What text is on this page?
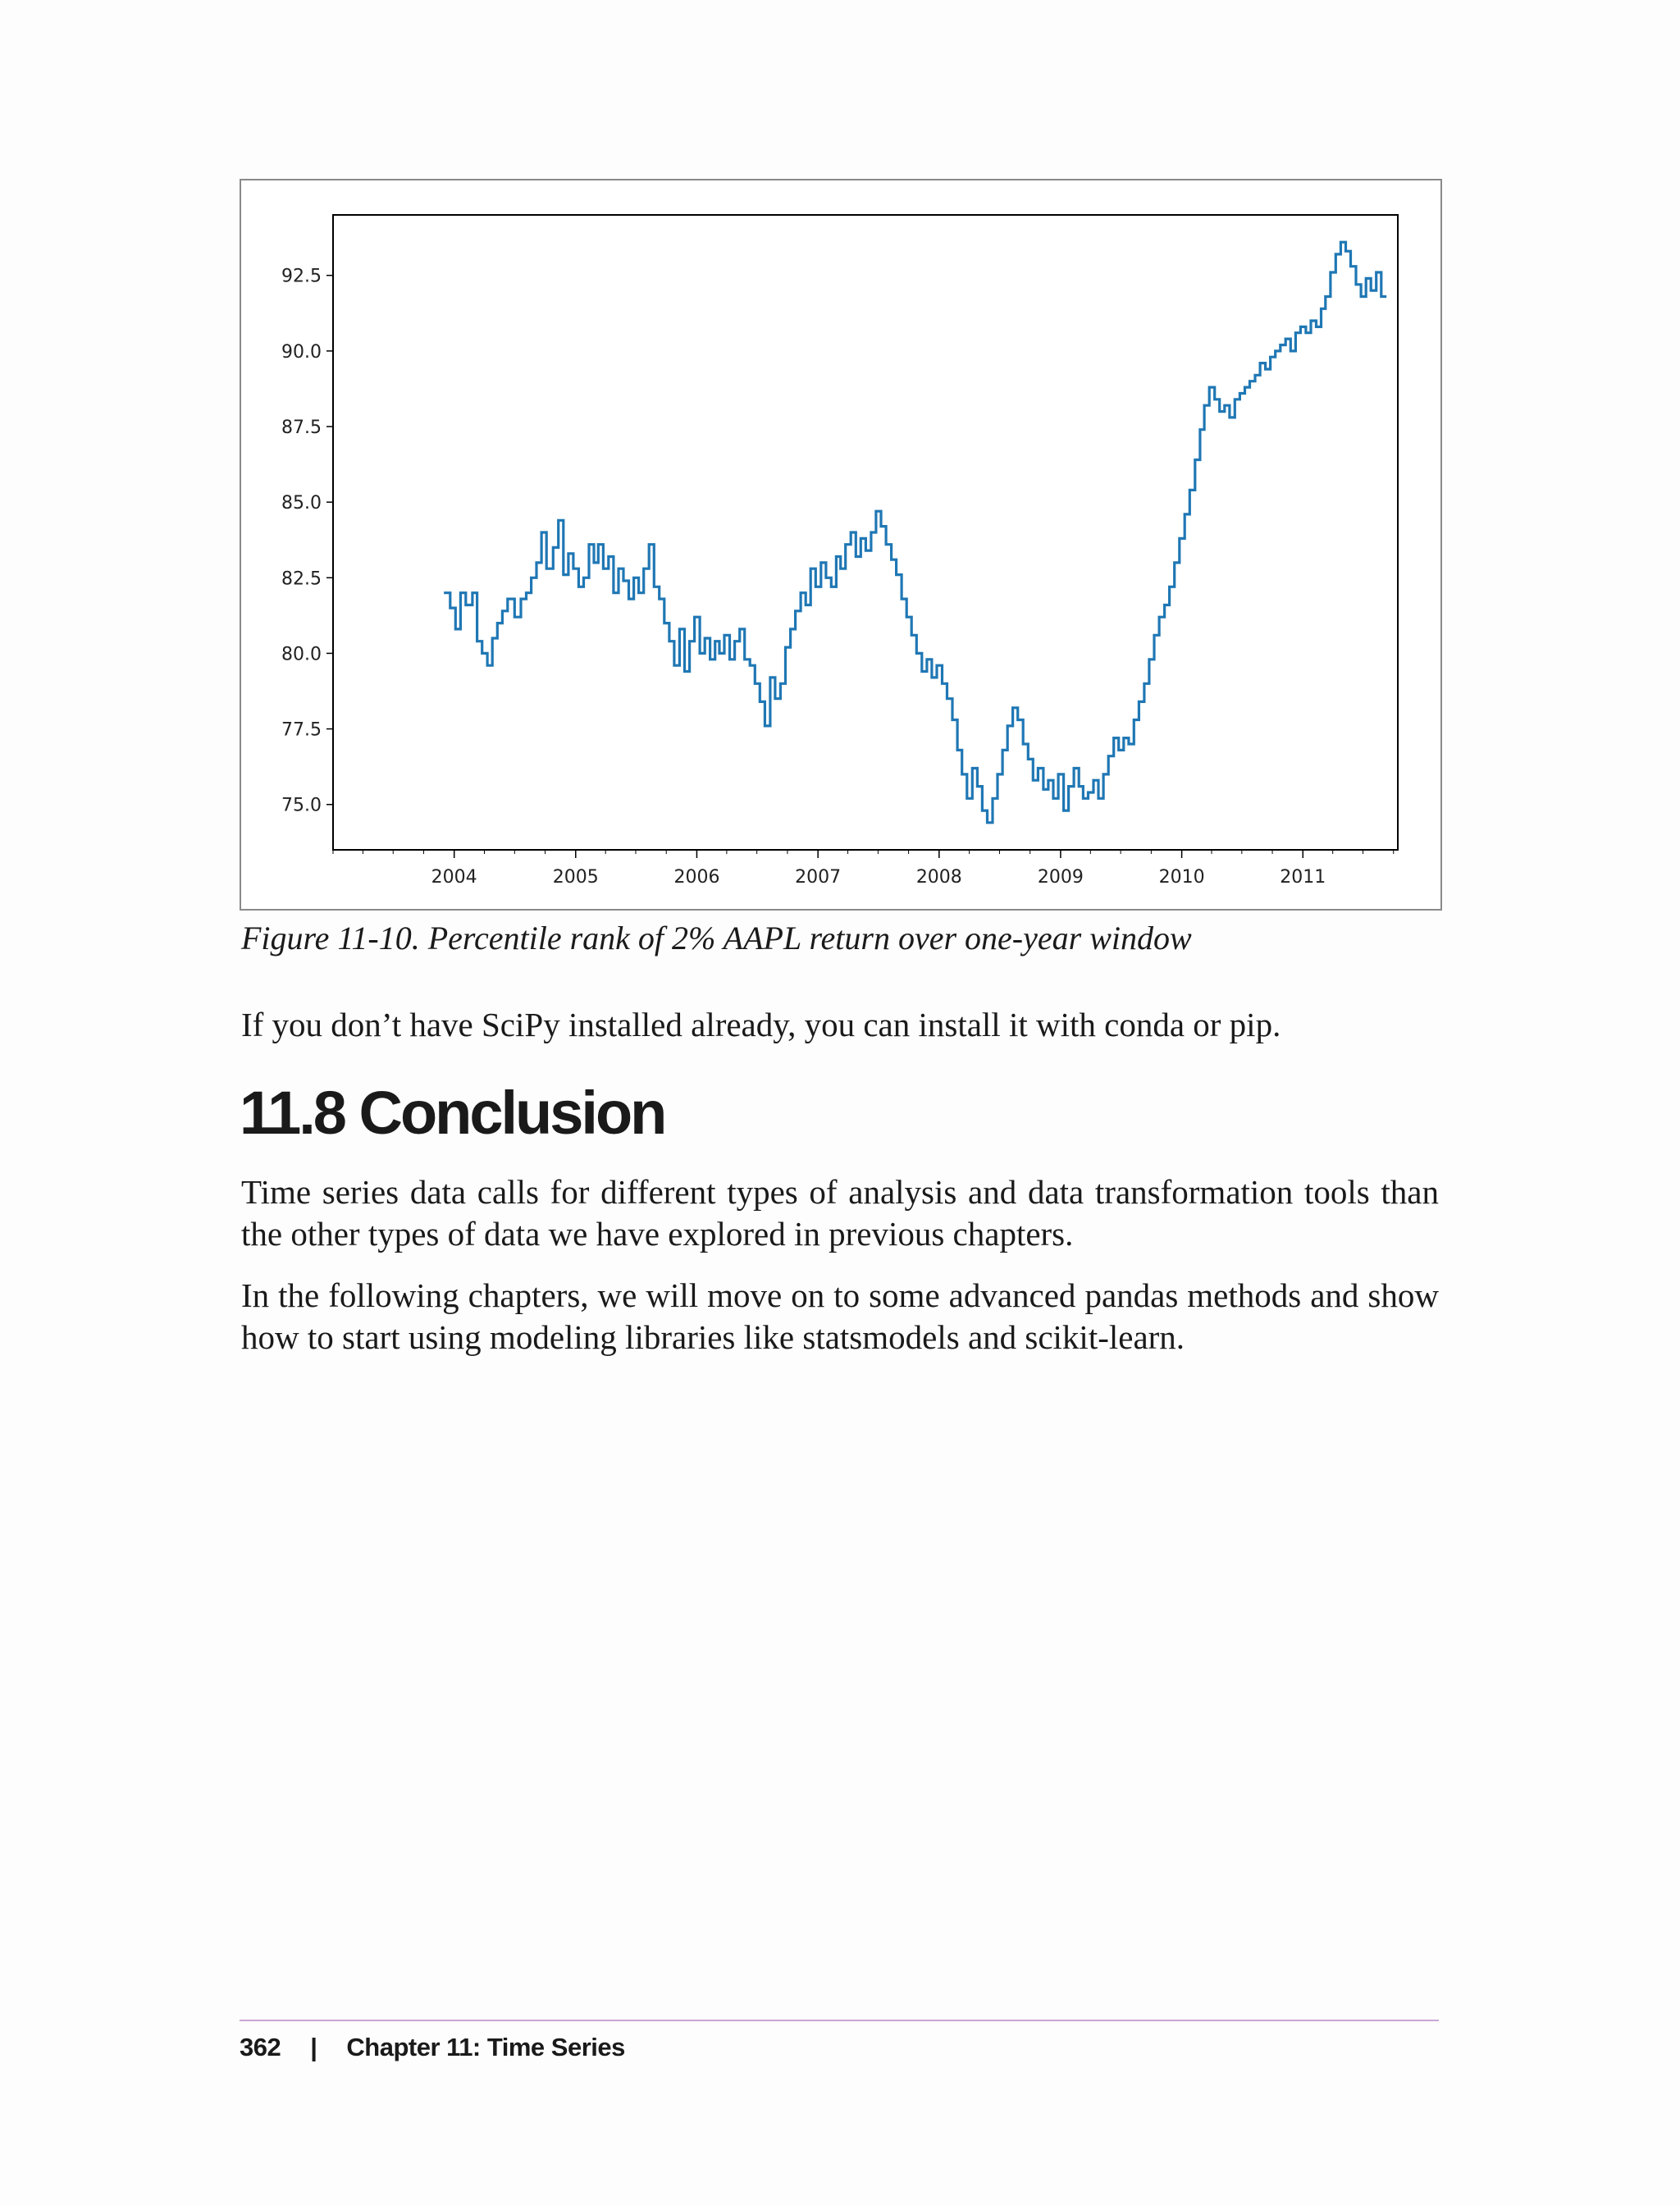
75.0
77.5
80.0
82.5
85.0
87.5
90.0
92.5
2004	2005	2006	2007	2008	2009	2010	2011
Figure 11-10. Percentile rank of 2% AAPL return over one-year window
If you don’t have SciPy installed already, you can install it with conda or pip.
11.8 Conclusion
Time series data calls for different types of analysis and data transformation tools than the other types of data we have explored in previous chapters.
In the following chapters, we will move on to some advanced pandas methods and show how to start using modeling libraries like statsmodels and scikit-learn.
362 | Chapter 11: Time Series
